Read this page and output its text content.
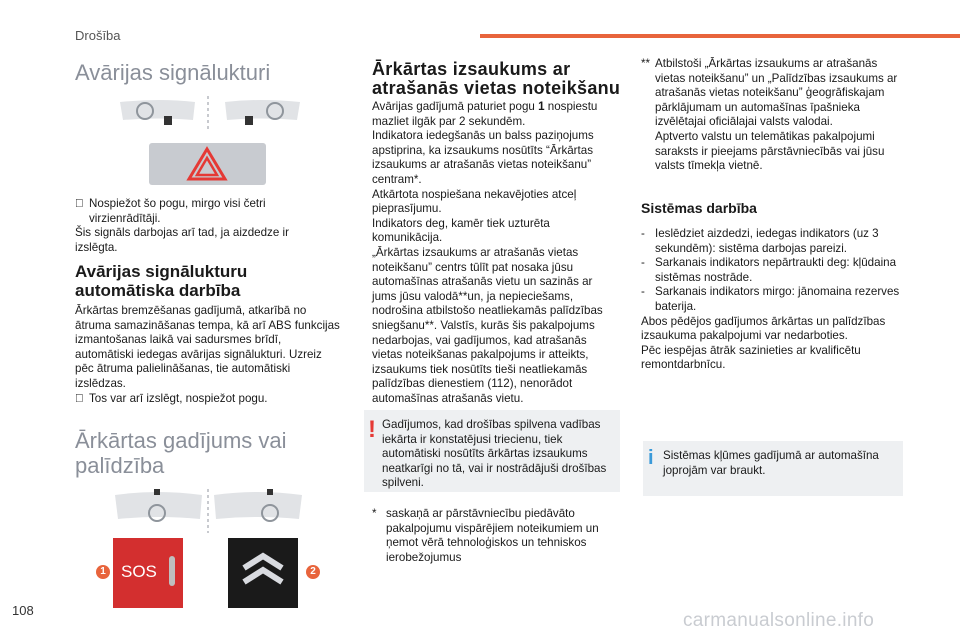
Drošība
Avārijas signālukturi
Nospiežot šo pogu, mirgo visi četri virzienrādītāji.

Šis signāls darbojas arī tad, ja aizdedze ir izslēgta.

Avārijas signālukturu

automātiska darbība

Ārkārtas bremzēšanas gadījumā, atkarībā no ātruma samazināšanas tempa, kā arī ABS funkcijas izmantošanas laikā vai sadursmes brīdī, automātiski iedegas avārijas signālukturi. Uzreiz pēc ātruma palielināšanas, tie automātiski izslēdzas.

Tos var arī izslēgt, nospiežot pogu.

Ārkārtas gadījums vai

palīdzība

1 SOS	2

Ārkārtas izsaukums ar

atrašanās vietas noteikšanu

Avārijas gadījumā paturiet pogu 1 nospiestu mazliet ilgāk par 2 sekundēm.

Indikatora iedegšanās un balss paziņojums apstiprina, ka izsaukums nosūtīts “Ārkārtas izsaukums ar atrašanās vietas noteikšanu” centram*.

Atkārtota nospiešana nekavējoties atceļ pieprasījumu.

Indikators deg, kamēr tiek uzturēta komunikācija.

„Ārkārtas izsaukums ar atrašanās vietas noteikšanu” centrs tūlīt pat nosaka jūsu automašīnas atrašanās vietu un sazinās ar jums jūsu valodā**un, ja nepieciešams, nodrošina atbilstošo neatliekamās palīdzības sniegšanu**. Valstīs, kurās šis pakalpojums nedarbojas, vai gadījumos, kad atrašanās vietas noteikšanas pakalpojums ir atteikts, izsaukums tiek nosūtīts tieši neatliekamās palīdzības dienestiem (112), nenorādot automašīnas atrašanās vietu.

! Gadījumos, kad drošības spilvena vadības iekārta ir konstatējusi triecienu, tiek automātiski nosūtīts ārkārtas izsaukums neatkarīgi no tā, vai ir nostrādājuši drošības spilveni.

* saskaņā ar pārstāvniecību piedāvāto pakalpojumu vispārējiem noteikumiem un ņemot vērā tehnoloģiskos un tehniskos ierobežojumus
** Atbilstoši „Ārkārtas izsaukums ar atrašanās vietas noteikšanu” un „Palīdzības izsaukums ar atrašanās vietas noteikšanu” ģeogrāfiskajam pārklājumam un automašīnas īpašnieka izvēlētajai oficiālajai valsts valodai.

Aptverto valstu un telemātikas pakalpojumi saraksts ir pieejams pārstāvniecībās vai jūsu valsts tīmekļa vietnē.

Sistēmas darbība

- Ieslēdziet aizdedzi, iedegas indikators (uz 3 sekundēm): sistēma darbojas pareizi.
- Sarkanais indikators nepārtraukti deg: kļūdaina sistēmas nostrāde.
- Sarkanais indikators mirgo: jānomaina rezerves baterija.

Abos pēdējos gadījumos ārkārtas un palīdzības izsaukuma pakalpojumi var nedarboties.

Pēc iespējas ātrāk sazinieties ar kvalificētu remontdarbnīcu.

i Sistēmas kļūmes gadījumā ar automašīna joprojām var braukt.

108	carmanualsonline.info
